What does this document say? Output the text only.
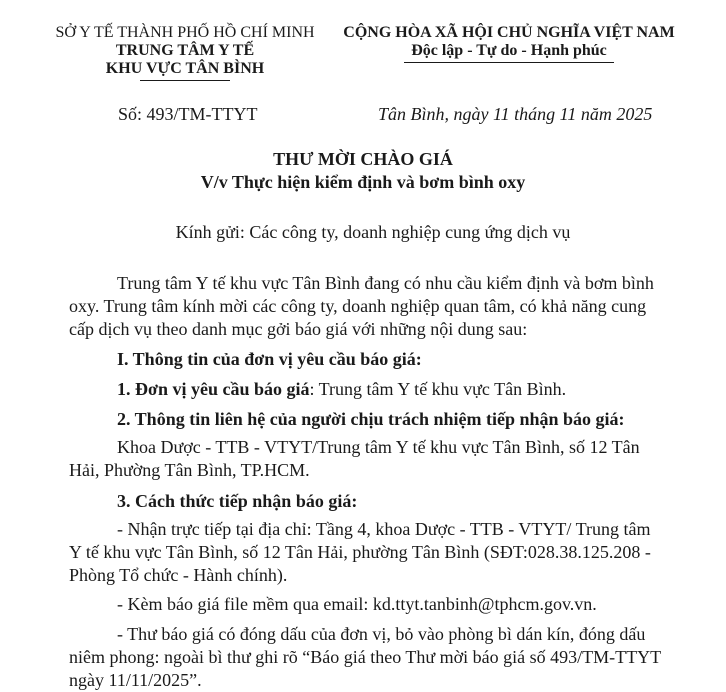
SỞ Y TẾ THÀNH PHỐ HỒ CHÍ MINH
TRUNG TÂM Y TẾ
KHU VỰC TÂN BÌNH
CỘNG HÒA XÃ HỘI CHỦ NGHĨA VIỆT NAM
Độc lập - Tự do - Hạnh phúc
Số: 493/TM-TTYT	Tân Bình, ngày 11 tháng 11 năm 2025
THƯ MỜI CHÀO GIÁ
V/v Thực hiện kiểm định và bơm bình oxy
Kính gửi: Các công ty, doanh nghiệp cung ứng dịch vụ
Trung tâm Y tế khu vực Tân Bình đang có nhu cầu kiểm định và bơm bình
oxy. Trung tâm kính mời các công ty, doanh nghiệp quan tâm, có khả năng cung
cấp dịch vụ theo danh mục gởi báo giá với những nội dung sau:
I. Thông tin của đơn vị yêu cầu báo giá:
1. Đơn vị yêu cầu báo giá: Trung tâm Y tế khu vực Tân Bình.
2. Thông tin liên hệ của người chịu trách nhiệm tiếp nhận báo giá:
Khoa Dược - TTB - VTYT/Trung tâm Y tế khu vực Tân Bình, số 12 Tân
Hải, Phường Tân Bình, TP.HCM.
3. Cách thức tiếp nhận báo giá:
- Nhận trực tiếp tại địa chỉ: Tầng 4, khoa Dược - TTB - VTYT/ Trung tâm
Y tế khu vực Tân Bình, số 12 Tân Hải, phường Tân Bình (SĐT:028.38.125.208 -
Phòng Tổ chức - Hành chính).
- Kèm báo giá file mềm qua email: kd.ttyt.tanbinh@tphcm.gov.vn.
- Thư báo giá có đóng dấu của đơn vị, bỏ vào phòng bì dán kín, đóng dấu
niêm phong: ngoài bì thư ghi rõ “Báo giá theo Thư mời báo giá số 493/TM-TTYT
ngày 11/11/2025”.
